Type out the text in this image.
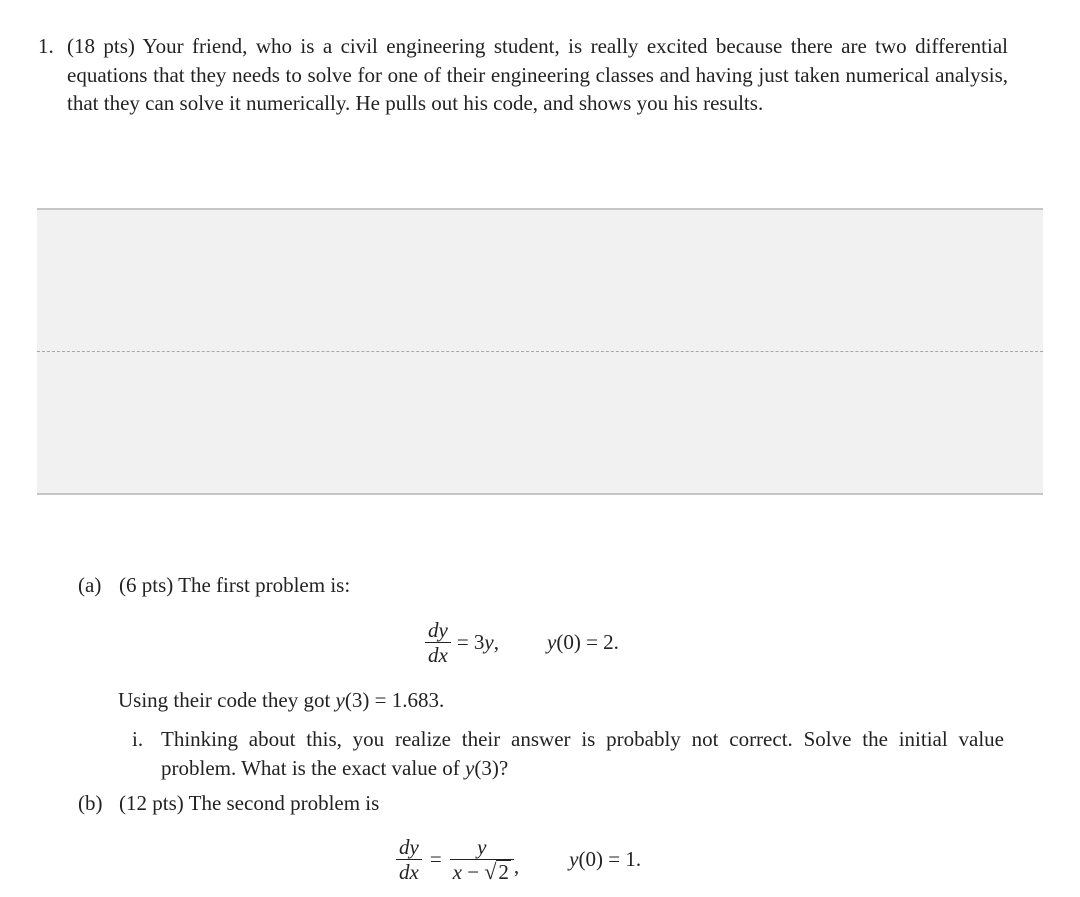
1. (18 pts) Your friend, who is a civil engineering student, is really excited because there are two differential equations that they needs to solve for one of their engineering classes and having just taken numerical analysis, that they can solve it numerically. He pulls out his code, and shows you his results.
(a) (6 pts) The first problem is:
$\frac{dy}{dx} = 3y$, y(0) = 2.
Using their code they got y(3) = 1.683.
i. Thinking about this, you realize their answer is probably not correct. Solve the initial value problem. What is the exact value of y(3)?
(b) (12 pts) The second problem is
$\frac{dy}{dx} = \frac{y}{x - √ 2}$ , y(0) = 1.
